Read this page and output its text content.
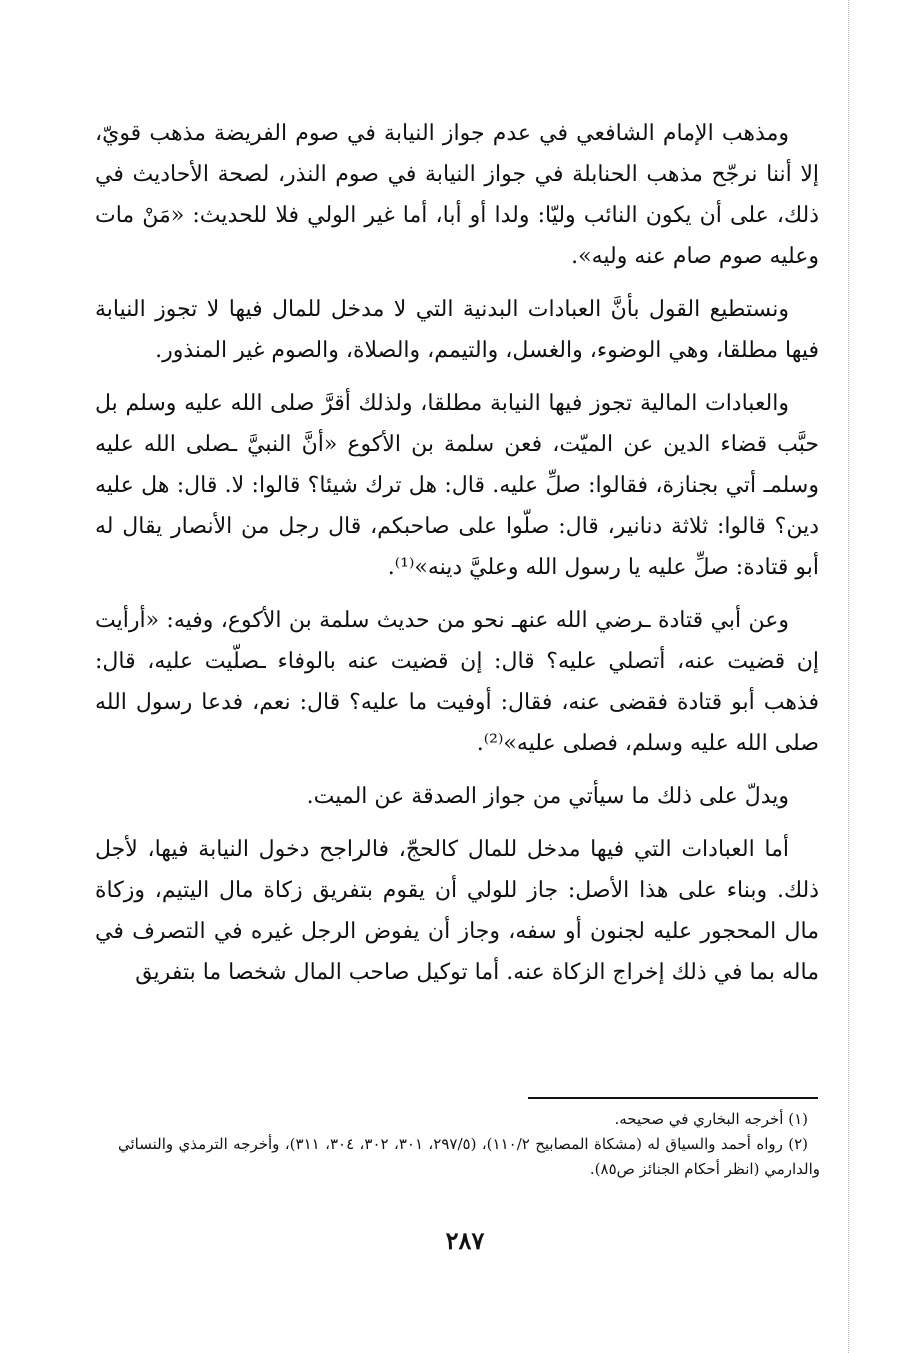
ومذهب الإمام الشافعي في عدم جواز النيابة في صوم الفريضة مذهب قويّ، إلا أننا نرجّح مذهب الحنابلة في جواز النيابة في صوم النذر، لصحة الأحاديث في ذلك، على أن يكون النائب وليّا: ولدا أو أبا، أما غير الولي فلا للحديث: «مَنْ مات وعليه صوم صام عنه وليه».

ونستطيع القول بأنَّ العبادات البدنية التي لا مدخل للمال فيها لا تجوز النيابة فيها مطلقا، وهي الوضوء، والغسل، والتيمم، والصلاة، والصوم غير المنذور.

والعبادات المالية تجوز فيها النيابة مطلقا، ولذلك أقرَّ صلى الله عليه وسلم بل حبَّب قضاء الدين عن الميّت، فعن سلمة بن الأكوع «أنَّ النبيَّ ـصلى الله عليه وسلمـ أتي بجنازة، فقالوا: صلِّ عليه. قال: هل ترك شيئا؟ قالوا: لا. قال: هل عليه دين؟ قالوا: ثلاثة دنانير، قال: صلّوا على صاحبكم، قال رجل من الأنصار يقال له أبو قتادة: صلِّ عليه يا رسول الله وعليَّ دينه»⁽¹⁾.

وعن أبي قتادة ـرضي الله عنهـ نحو من حديث سلمة بن الأكوع، وفيه: «أرأيت إن قضيت عنه، أتصلي عليه؟ قال: إن قضيت عنه بالوفاء ـصلّيت عليه، قال: فذهب أبو قتادة فقضى عنه، فقال: أوفيت ما عليه؟ قال: نعم، فدعا رسول الله صلى الله عليه وسلم، فصلى عليه»⁽²⁾.

ويدلّ على ذلك ما سيأتي من جواز الصدقة عن الميت.

أما العبادات التي فيها مدخل للمال كالحجّ، فالراجح دخول النيابة فيها، لأجل ذلك. وبناء على هذا الأصل: جاز للولي أن يقوم بتفريق زكاة مال اليتيم، وزكاة مال المحجور عليه لجنون أو سفه، وجاز أن يفوض الرجل غيره في التصرف في ماله بما في ذلك إخراج الزكاة عنه. أما توكيل صاحب المال شخصا ما بتفريق

(١) أخرجه البخاري في صحيحه.

(٢) رواه أحمد والسياق له (مشكاة المصابيح ١١٠/٢)، (٢٩٧/٥، ٣٠١، ٣٠٢، ٣٠٤، ٣١١)، وأخرجه الترمذي والنسائي والدارمي (انظر أحكام الجنائز ص٨٥).

٢٨٧
